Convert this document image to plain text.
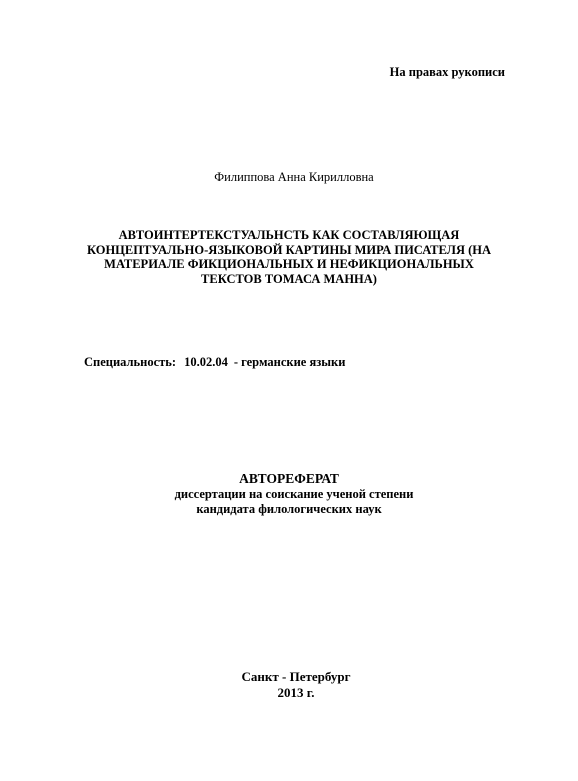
На правах рукописи
Филиппова Анна Кирилловна
АВТОИНТЕРТЕКСТУАЛЬНСТЬ КАК СОСТАВЛЯЮЩАЯ
КОНЦЕПТУАЛЬНО-ЯЗЫКОВОЙ КАРТИНЫ МИРА ПИСАТЕЛЯ (НА
МАТЕРИАЛЕ ФИКЦИОНАЛЬНЫХ И НЕФИКЦИОНАЛЬНЫХ
ТЕКСТОВ ТОМАСА МАННА)
Специальность: 10.02.04 - германские языки
АВТОРЕФЕРАТ
диссертации на соискание ученой степени
кандидата филологических наук
Санкт - Петербург
2013 г.
